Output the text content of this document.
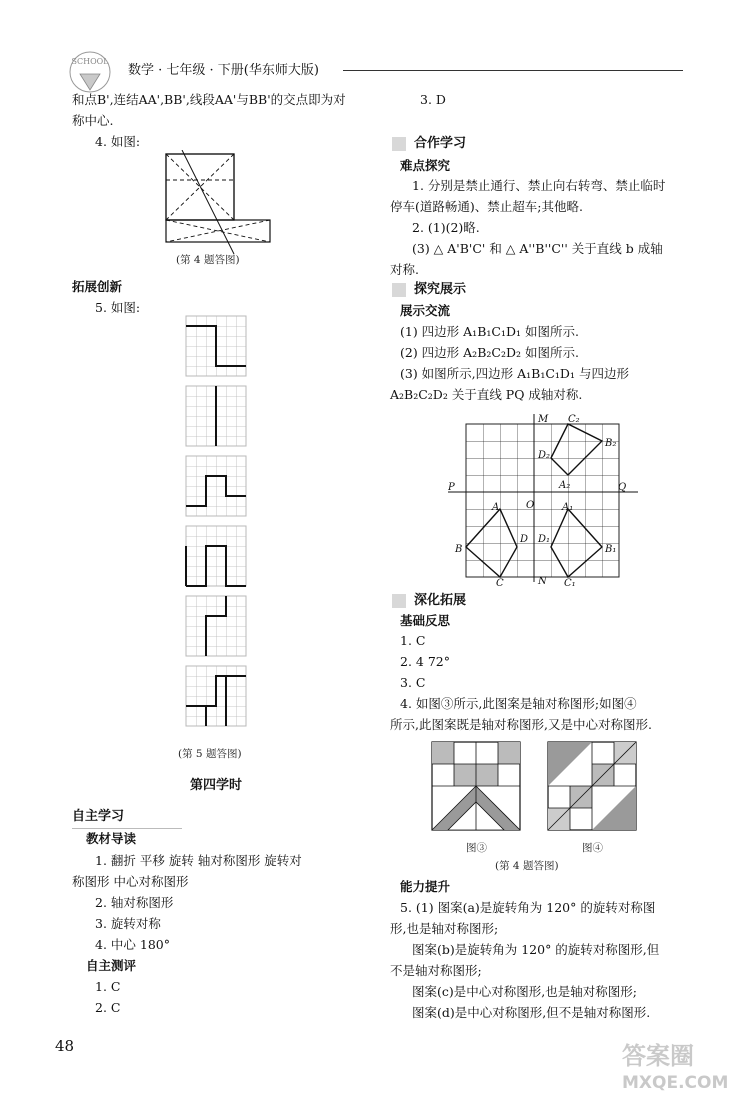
SCHOOL
数学 · 七年级 · 下册(华东师大版)
和点B',连结AA',BB',线段AA'与BB'的交点即为对
称中心.
4. 如图:
(第 4 题答图)
拓展创新
5. 如图:
(第 5 题答图)
第四学时
自主学习
教材导读
1. 翻折 平移 旋转 轴对称图形 旋转对
称图形 中心对称图形
2. 轴对称图形
3. 旋转对称
4. 中心 180°
自主测评
1. C
2. C
48
3. D
合作学习
难点探究
1. 分别是禁止通行、禁止向右转弯、禁止临时
停车(道路畅通)、禁止超车;其他略.
2. (1)(2)略.
(3) △ A'B'C' 和 △ A''B''C'' 关于直线 b 成轴
对称.
探究展示
展示交流
(1) 四边形 A₁B₁C₁D₁ 如图所示.
(2) 四边形 A₂B₂C₂D₂ 如图所示.
(3) 如图所示,四边形 A₁B₁C₁D₁ 与四边形
A₂B₂C₂D₂ 关于直线 PQ 成轴对称.
M
N
P	Q
O
A
B
C
D
A₁
B₁
C₁
D₁
A₂
B₂
C₂
D₂
深化拓展
基础反思
1. C
2. 4 72°
3. C
4. 如图③所示,此图案是轴对称图形;如图④
所示,此图案既是轴对称图形,又是中心对称图形.
图③	图④
(第 4 题答图)
能力提升
5. (1) 图案(a)是旋转角为 120° 的旋转对称图
形,也是轴对称图形;
图案(b)是旋转角为 120° 的旋转对称图形,但
不是轴对称图形;
图案(c)是中心对称图形,也是轴对称图形;
图案(d)是中心对称图形,但不是轴对称图形.
答案圈
MXQE.COM
